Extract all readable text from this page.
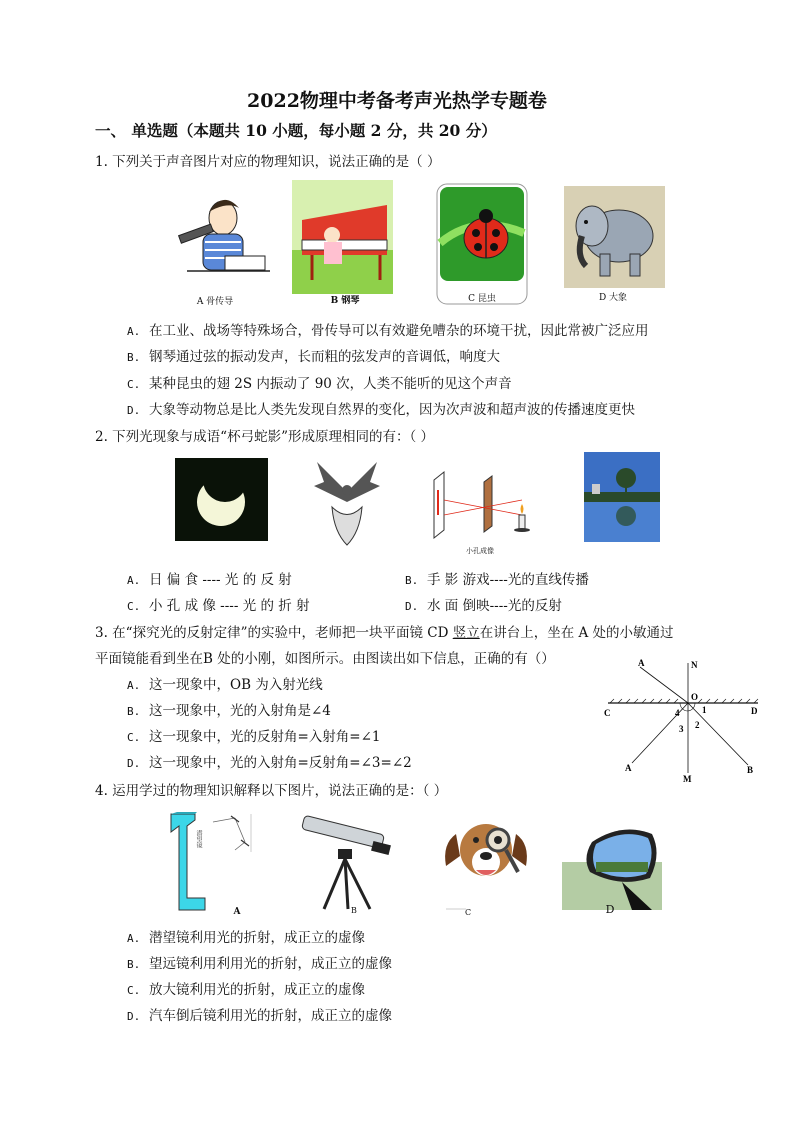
2022物理中考备考声光热学专题卷
一、 单选题（本题共 10 小题，每小题 2 分，共 20 分）
1. 下列关于声音图片对应的物理知识，说法正确的是（ ）
A 骨传导	B 钢琴	C 昆虫	D 大象
A. 在工业、战场等特殊场合，骨传导可以有效避免嘈杂的环境干扰，因此常被广泛应用
B. 钢琴通过弦的振动发声，长而粗的弦发声的音调低，响度大
C. 某种昆虫的翅 2S 内振动了 90 次，人类不能听的见这个声音
D. 大象等动物总是比人类先发现自然界的变化，因为次声波和超声波的传播速度更快
2. 下列光现象与成语“杯弓蛇影”形成原理相同的有：（ ）
小孔成像
A. 日 偏 食 ---- 光 的 反 射	B. 手 影 游戏----光的直线传播
C. 小 孔 成 像 ---- 光 的 折 射	D. 水 面 倒映----光的反射
3. 在“探究光的反射定律”的实验中，老师把一块平面镜 CD 竖立在讲台上，坐在 A 处的小敏通过
平面镜能看到坐在B 处的小刚，如图所示。由图读出如下信息，正确的有（）
A. 这一现象中，OB 为入射光线
B. 这一现象中，光的入射角是∠4
C. 这一现象中，光的反射角=入射角=∠1
D. 这一现象中，光的入射角=反射角=∠3=∠2
A	N
O
C	D
4	1
3 2
A
M
B
4. 运用学过的物理知识解释以下图片，说法正确的是：（ ）
潜望镜
A	B	C	D
A. 潜望镜利用光的折射，成正立的虚像
B. 望远镜利用利用光的折射，成正立的虚像
C. 放大镜利用光的折射，成正立的虚像
D. 汽车倒后镜利用光的折射，成正立的虚像
